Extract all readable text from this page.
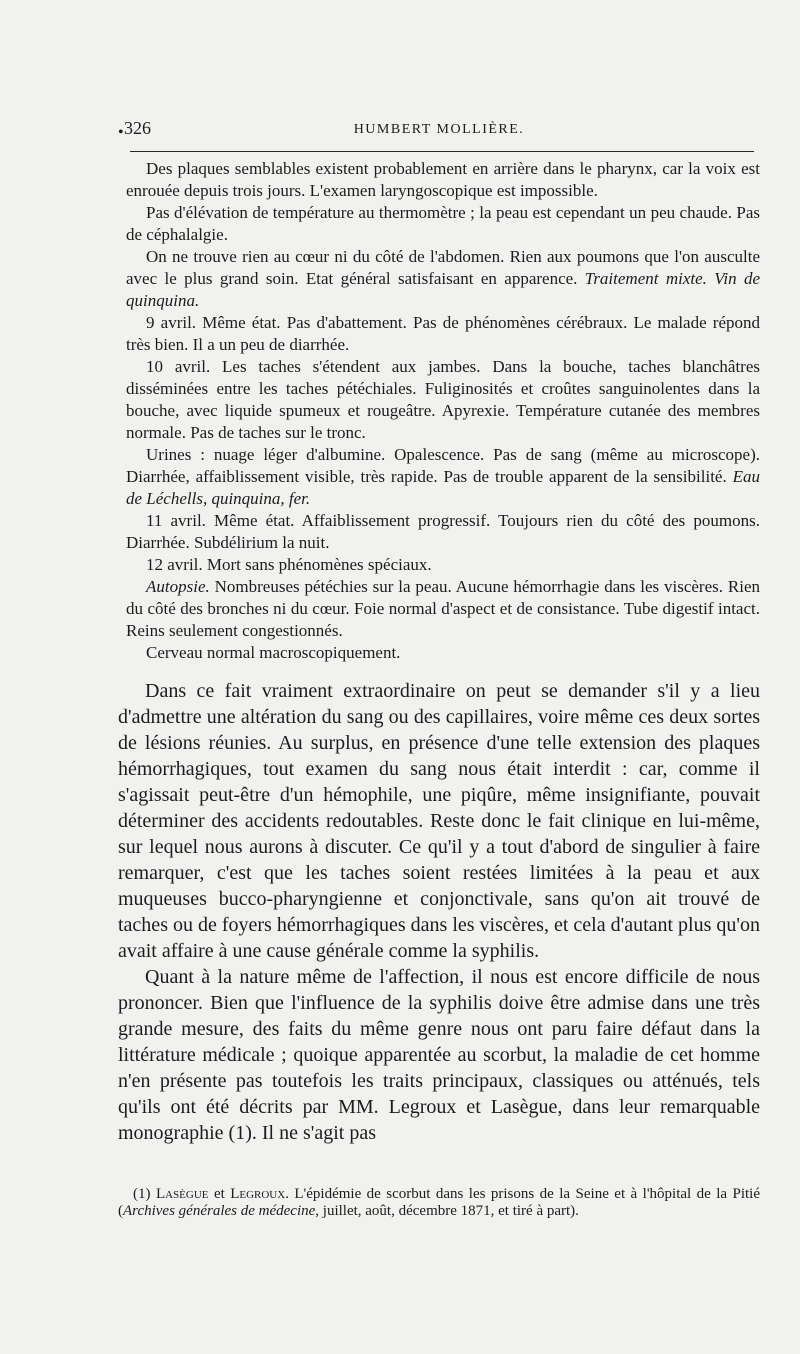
• 326	HUMBERT MOLLIÈRE.

Des plaques semblables existent probablement en arrière dans le pharynx, car la voix est enrouée depuis trois jours. L'examen laryngoscopique est impossible.

Pas d'élévation de température au thermomètre ; la peau est cependant un peu chaude. Pas de céphalalgie.

On ne trouve rien au cœur ni du côté de l'abdomen. Rien aux poumons que l'on ausculte avec le plus grand soin. Etat général satisfaisant en apparence. Traitement mixte. Vin de quinquina.

9 avril. Même état. Pas d'abattement. Pas de phénomènes cérébraux. Le malade répond très bien. Il a un peu de diarrhée.

10 avril. Les taches s'étendent aux jambes. Dans la bouche, taches blanchâtres disséminées entre les taches pétéchiales. Fuliginosités et croûtes sanguinolentes dans la bouche, avec liquide spumeux et rougeâtre. Apyrexie. Température cutanée des membres normale. Pas de taches sur le tronc.

Urines : nuage léger d'albumine. Opalescence. Pas de sang (même au microscope). Diarrhée, affaiblissement visible, très rapide. Pas de trouble apparent de la sensibilité. Eau de Léchells, quinquina, fer.

11 avril. Même état. Affaiblissement progressif. Toujours rien du côté des poumons. Diarrhée. Subdélirium la nuit.

12 avril. Mort sans phénomènes spéciaux.

Autopsie. Nombreuses pétéchies sur la peau. Aucune hémorrhagie dans les viscères. Rien du côté des bronches ni du cœur. Foie normal d'aspect et de consistance. Tube digestif intact. Reins seulement congestionnés.

Cerveau normal macroscopiquement.

Dans ce fait vraiment extraordinaire on peut se demander s'il y a lieu d'admettre une altération du sang ou des capillaires, voire même ces deux sortes de lésions réunies. Au surplus, en présence d'une telle extension des plaques hémorrhagiques, tout examen du sang nous était interdit : car, comme il s'agissait peut-être d'un hémophile, une piqûre, même insignifiante, pouvait déterminer des accidents redoutables. Reste donc le fait clinique en lui-même, sur lequel nous aurons à discuter. Ce qu'il y a tout d'abord de singulier à faire remarquer, c'est que les taches soient restées limitées à la peau et aux muqueuses bucco-pharyngienne et conjonctivale, sans qu'on ait trouvé de taches ou de foyers hémorrhagiques dans les viscères, et cela d'autant plus qu'on avait affaire à une cause générale comme la syphilis.

Quant à la nature même de l'affection, il nous est encore difficile de nous prononcer. Bien que l'influence de la syphilis doive être admise dans une très grande mesure, des faits du même genre nous ont paru faire défaut dans la littérature médicale ; quoique apparentée au scorbut, la maladie de cet homme n'en présente pas toutefois les traits principaux, classiques ou atténués, tels qu'ils ont été décrits par MM. Legroux et Lasègue, dans leur remarquable monographie (1). Il ne s'agit pas

(1) Lasègue et Legroux. L'épidémie de scorbut dans les prisons de la Seine et à l'hôpital de la Pitié (Archives générales de médecine, juillet, août, décembre 1871, et tiré à part).
